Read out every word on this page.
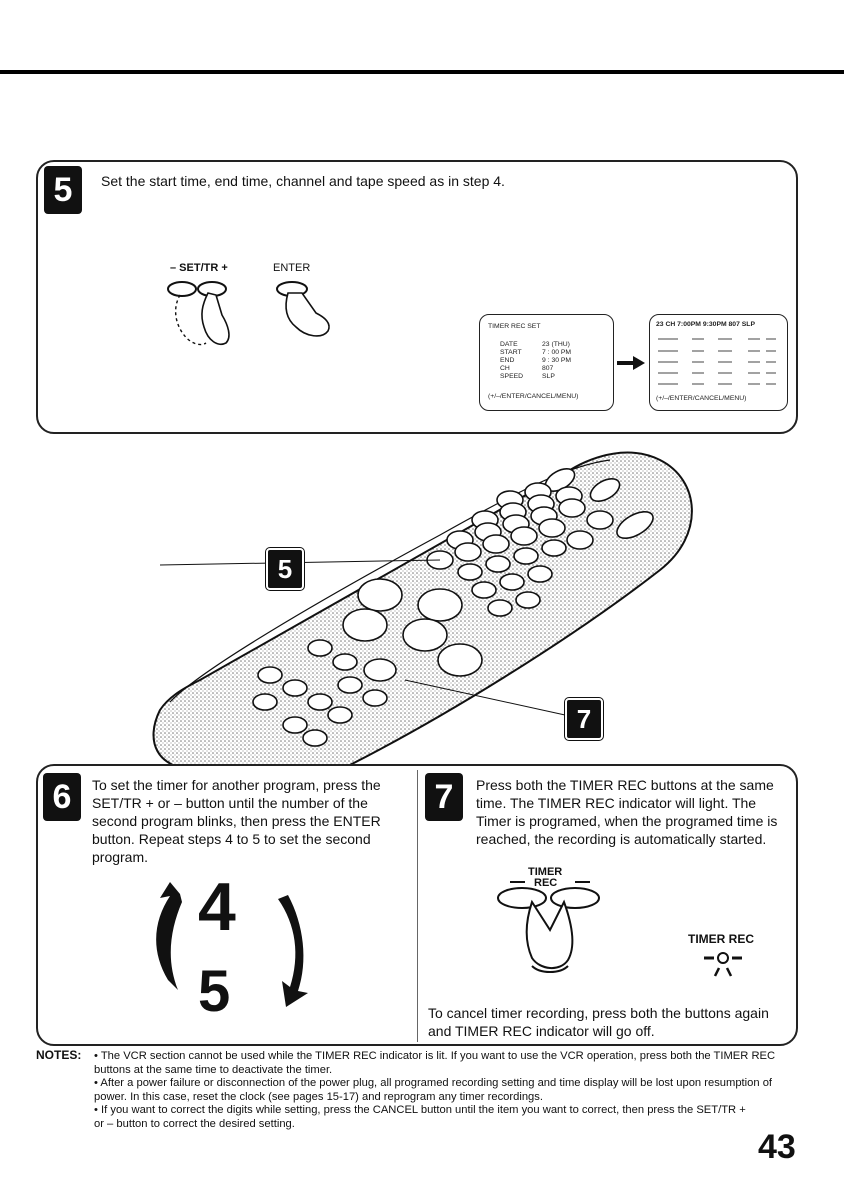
5	Set the start time, end time, channel and tape speed as in step 4.
– SET/TR +	ENTER
TIMER REC SET
DATE	23 (THU)
START	7 : 00 PM
END	9 : 30 PM
CH	807
SPEED	SLP
(+/–/ENTER/CANCEL/MENU)
23 CH 7:00PM 9:30PM 807 SLP
(+/–/ENTER/CANCEL/MENU)
5
7
6	To set the timer for another program, press the SET/TR + or – button until the number of the second program blinks, then press the ENTER button. Repeat steps 4 to 5 to set the second program.
4
5
7	Press both the TIMER REC buttons at the same time. The TIMER REC indicator will light. The Timer is programed, when the programed time is reached, the recording is automatically started.
TIMER
REC
TIMER REC
To cancel timer recording, press both the buttons again and TIMER REC indicator will go off.
NOTES: • The VCR section cannot be used while the TIMER REC indicator is lit. If you want to use the VCR operation, press both the TIMER REC buttons at the same time to deactivate the timer.
• After a power failure or disconnection of the power plug, all programed recording setting and time display will be lost upon resumption of power. In this case, reset the clock (see pages 15-17) and reprogram any timer recordings.
• If you want to correct the digits while setting, press the CANCEL button until the item you want to correct, then press the SET/TR + or – button to correct the desired setting.
43
